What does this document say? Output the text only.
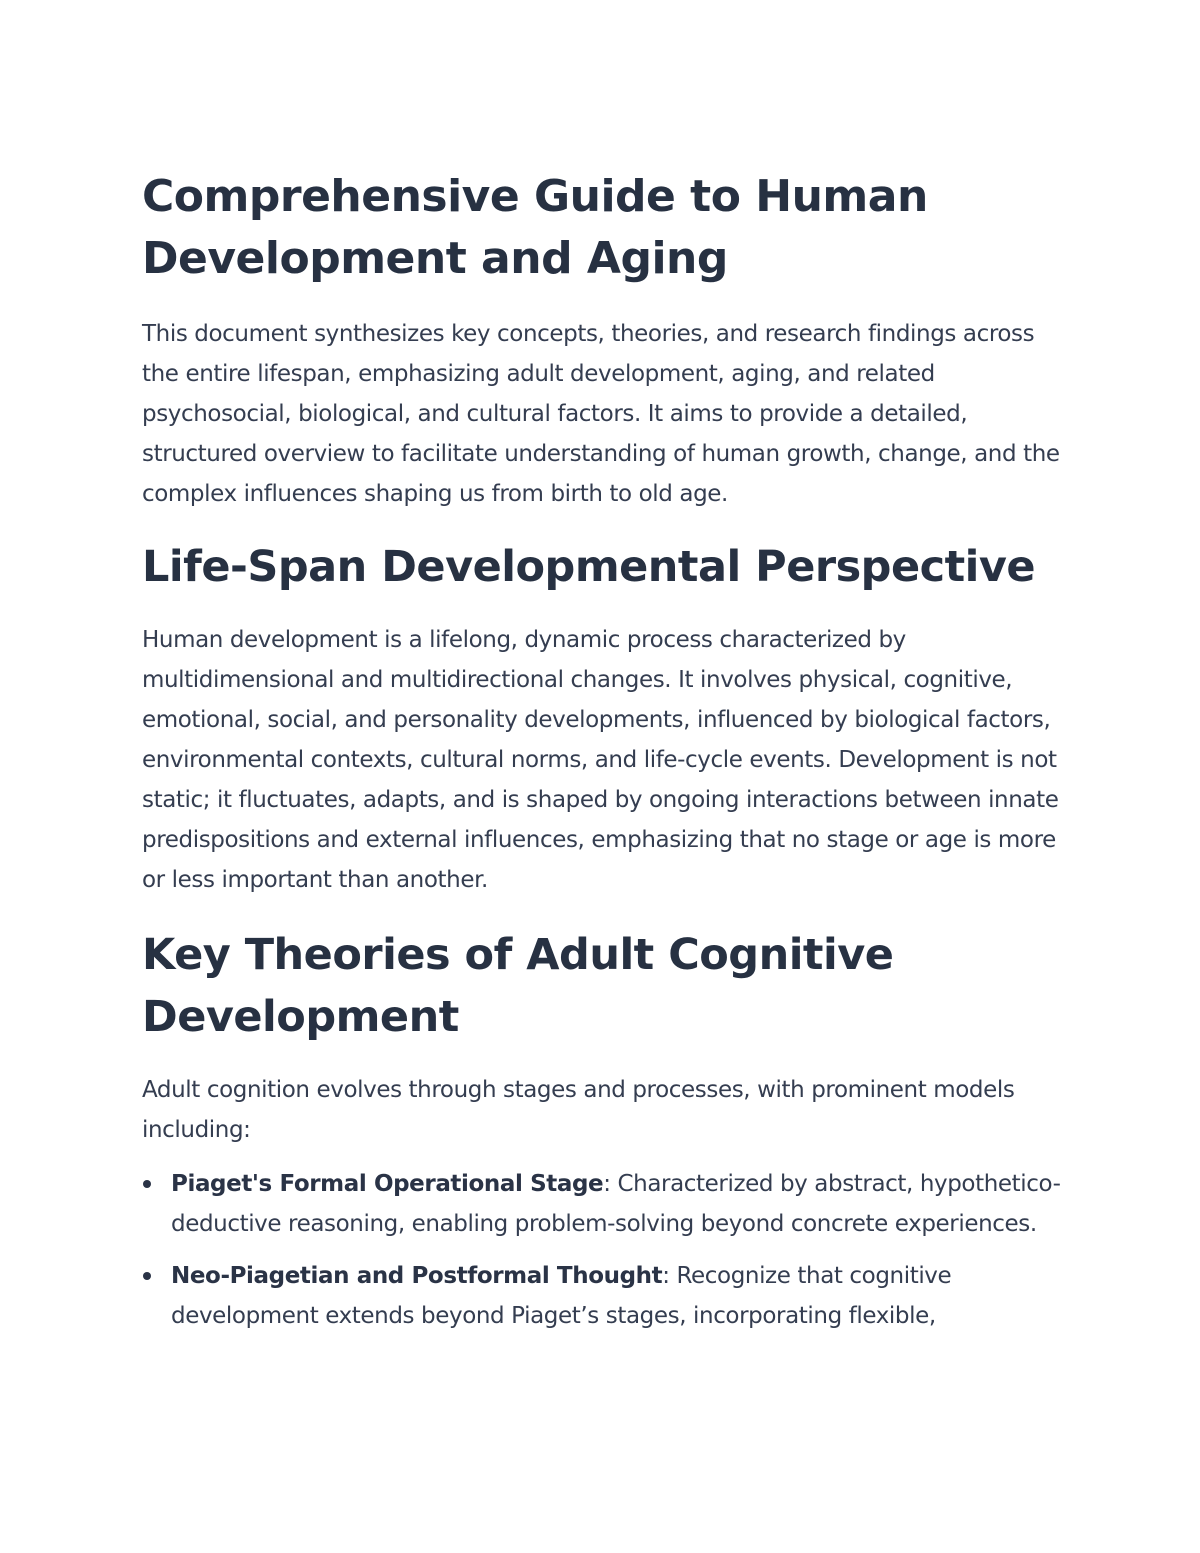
Comprehensive Guide to Human Development and Aging

This document synthesizes key concepts, theories, and research findings across the entire lifespan, emphasizing adult development, aging, and related psychosocial, biological, and cultural factors. It aims to provide a detailed, structured overview to facilitate understanding of human growth, change, and the complex influences shaping us from birth to old age.

Life-Span Developmental Perspective

Human development is a lifelong, dynamic process characterized by multidimensional and multidirectional changes. It involves physical, cognitive, emotional, social, and personality developments, influenced by biological factors, environmental contexts, cultural norms, and life-cycle events. Development is not static; it fluctuates, adapts, and is shaped by ongoing interactions between innate predispositions and external influences, emphasizing that no stage or age is more or less important than another.

Key Theories of Adult Cognitive Development

Adult cognition evolves through stages and processes, with prominent models including:

Piaget's Formal Operational Stage: Characterized by abstract, hypothetico-deductive reasoning, enabling problem-solving beyond concrete experiences.
Neo-Piagetian and Postformal Thought: Recognize that cognitive development extends beyond Piaget’s stages, incorporating flexible,
